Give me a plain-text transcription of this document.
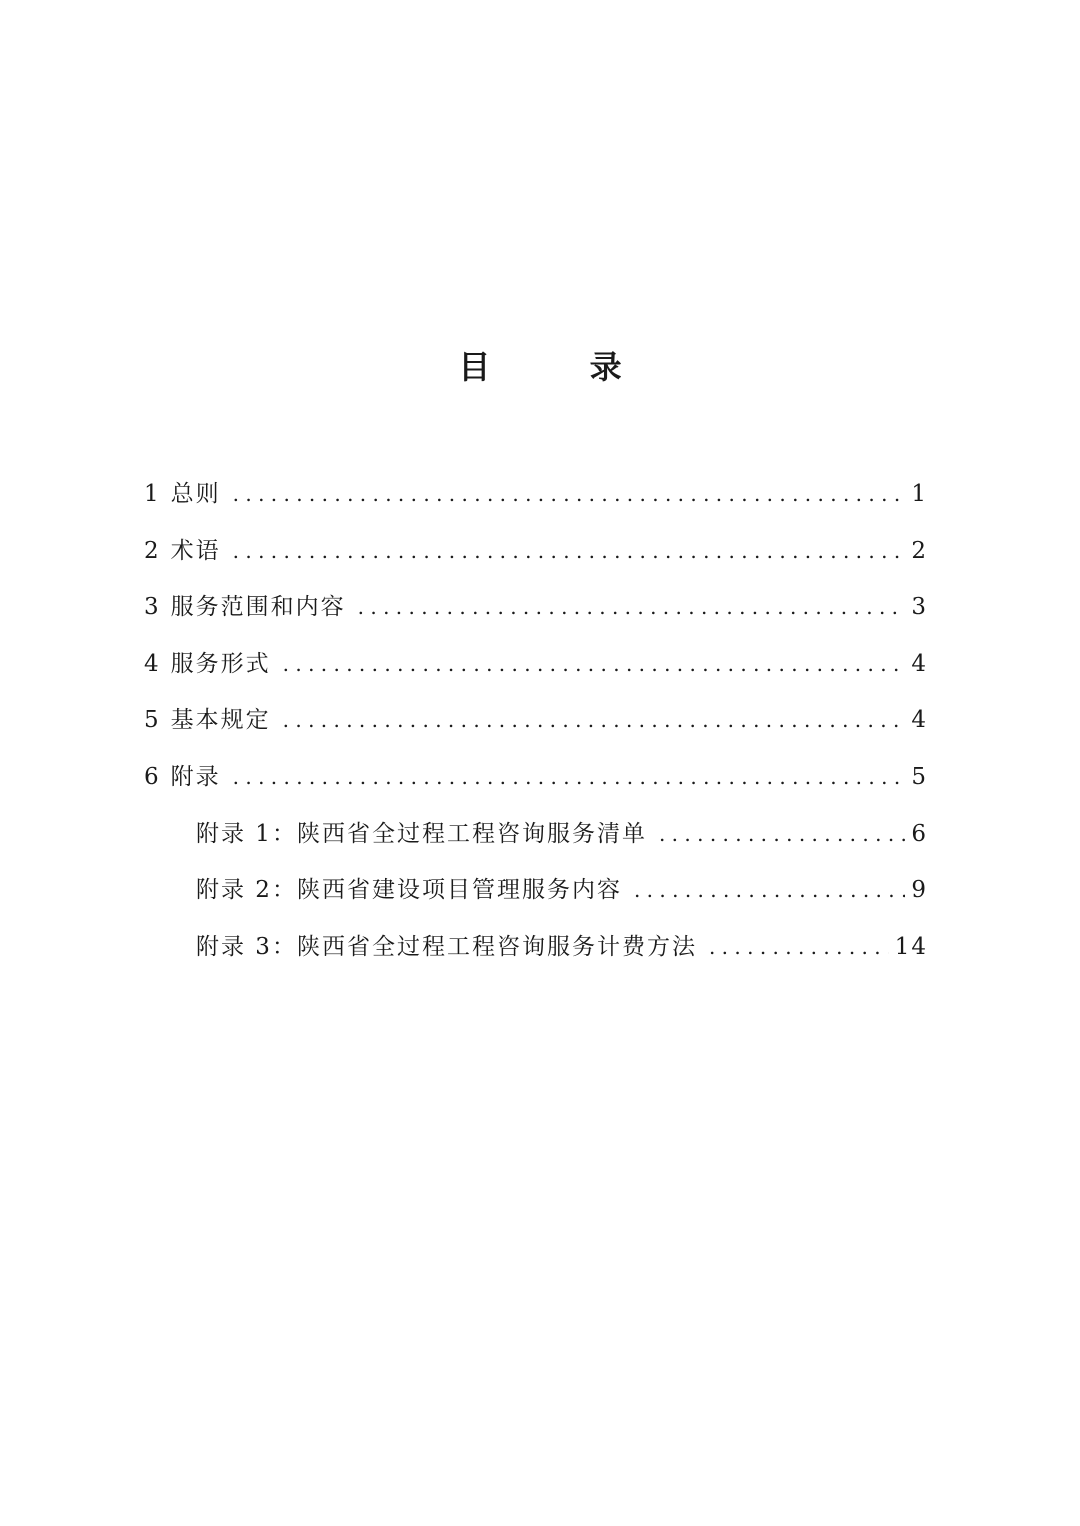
目 录
1 总则 . . .	1
2 术语 . . .	2
3 服务范围和内容 . . .	3
4 服务形式 . . .	4
5 基本规定 . . .	4
6 附录 . . .	5
附录 1：陕西省全过程工程咨询服务清单 . . .	6
附录 2：陕西省建设项目管理服务内容 . . .	9
附录 3：陕西省全过程工程咨询服务计费方法 . . .	14
